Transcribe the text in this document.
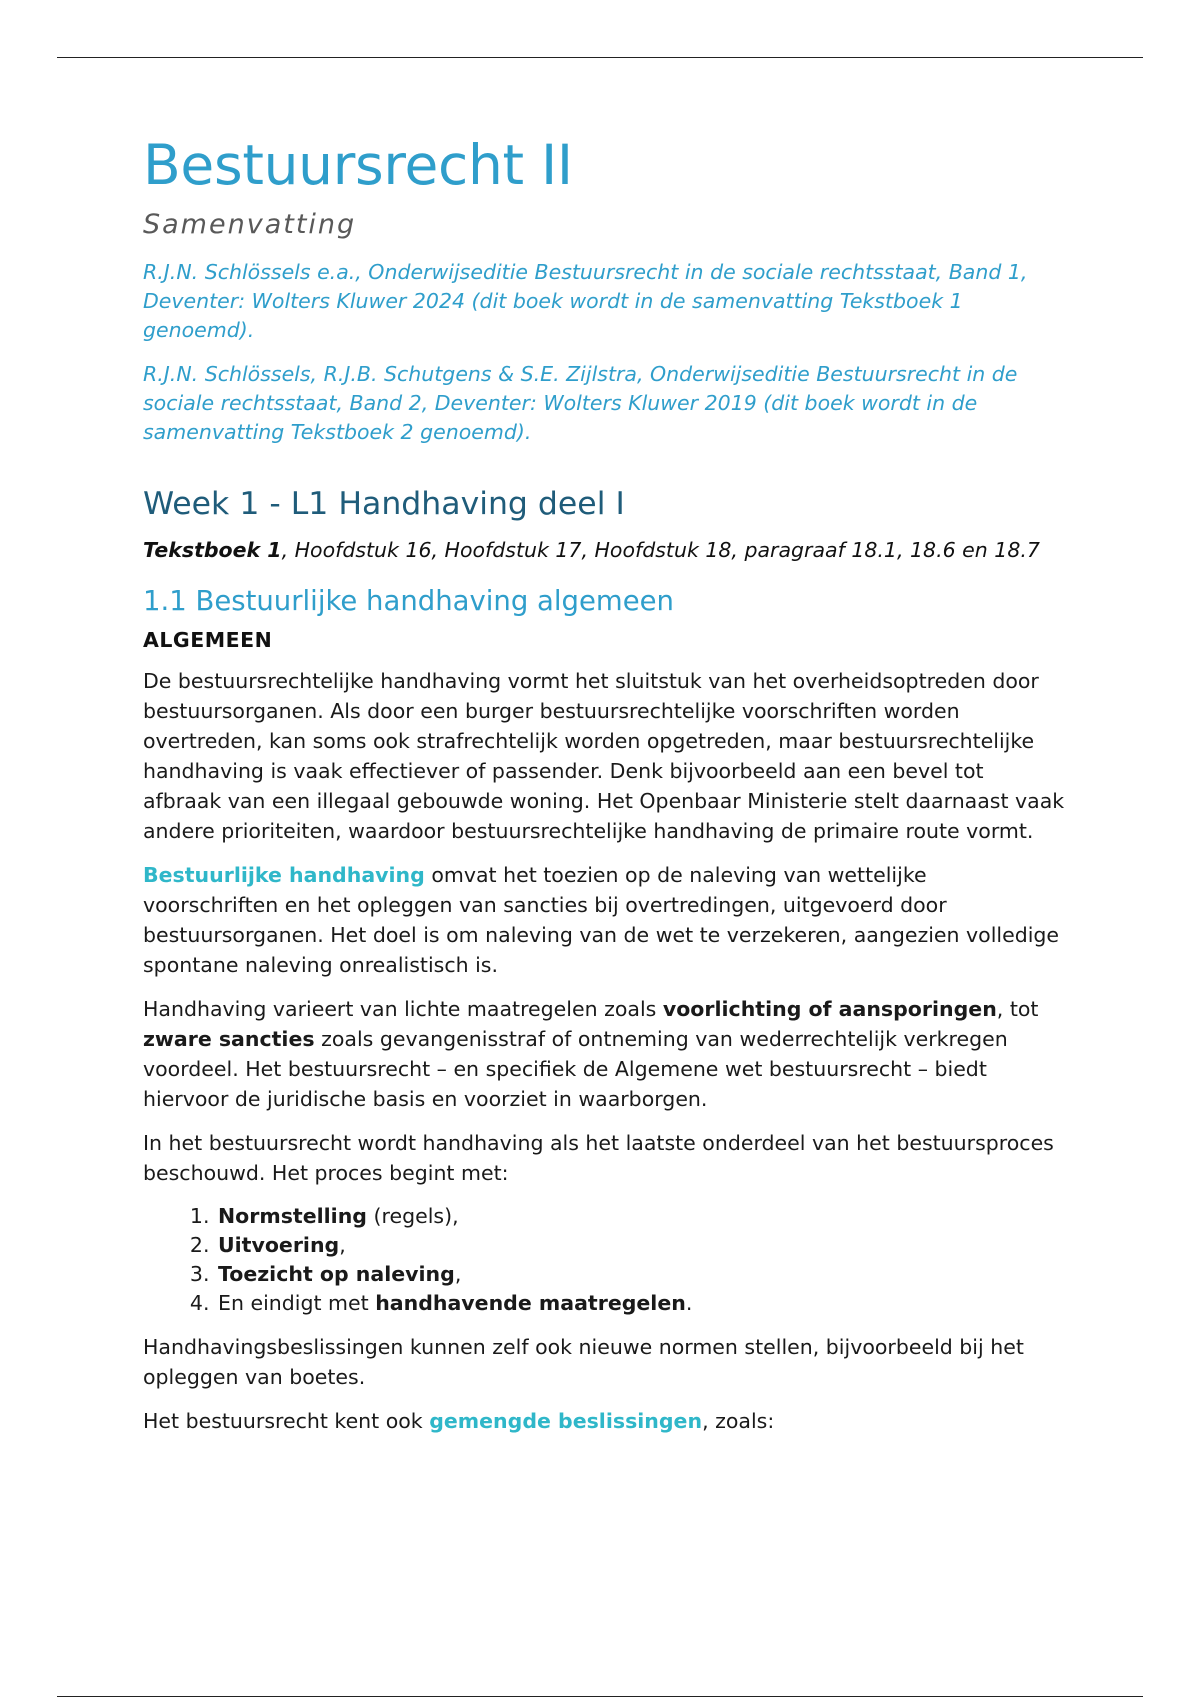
Bestuursrecht II
Samenvatting
R.J.N. Schlössels e.a., Onderwijseditie Bestuursrecht in de sociale rechtsstaat, Band 1, Deventer: Wolters Kluwer 2024 (dit boek wordt in de samenvatting Tekstboek 1 genoemd).
R.J.N. Schlössels, R.J.B. Schutgens & S.E. Zijlstra, Onderwijseditie Bestuursrecht in de sociale rechtsstaat, Band 2, Deventer: Wolters Kluwer 2019 (dit boek wordt in de samenvatting Tekstboek 2 genoemd).
Week 1 - L1 Handhaving deel I
Tekstboek 1, Hoofdstuk 16, Hoofdstuk 17, Hoofdstuk 18, paragraaf 18.1, 18.6 en 18.7
1.1 Bestuurlijke handhaving algemeen
ALGEMEEN
De bestuursrechtelijke handhaving vormt het sluitstuk van het overheidsoptreden door bestuursorganen. Als door een burger bestuursrechtelijke voorschriften worden overtreden, kan soms ook strafrechtelijk worden opgetreden, maar bestuursrechtelijke handhaving is vaak effectiever of passender. Denk bijvoorbeeld aan een bevel tot afbraak van een illegaal gebouwde woning. Het Openbaar Ministerie stelt daarnaast vaak andere prioriteiten, waardoor bestuursrechtelijke handhaving de primaire route vormt.
Bestuurlijke handhaving omvat het toezien op de naleving van wettelijke voorschriften en het opleggen van sancties bij overtredingen, uitgevoerd door bestuursorganen. Het doel is om naleving van de wet te verzekeren, aangezien volledige spontane naleving onrealistisch is.
Handhaving varieert van lichte maatregelen zoals voorlichting of aansporingen, tot zware sancties zoals gevangenisstraf of ontneming van wederrechtelijk verkregen voordeel. Het bestuursrecht – en specifiek de Algemene wet bestuursrecht – biedt hiervoor de juridische basis en voorziet in waarborgen.
In het bestuursrecht wordt handhaving als het laatste onderdeel van het bestuursproces beschouwd. Het proces begint met:
1. Normstelling (regels),
2. Uitvoering,
3. Toezicht op naleving,
4. En eindigt met handhavende maatregelen.
Handhavingsbeslissingen kunnen zelf ook nieuwe normen stellen, bijvoorbeeld bij het opleggen van boetes.
Het bestuursrecht kent ook gemengde beslissingen, zoals:
